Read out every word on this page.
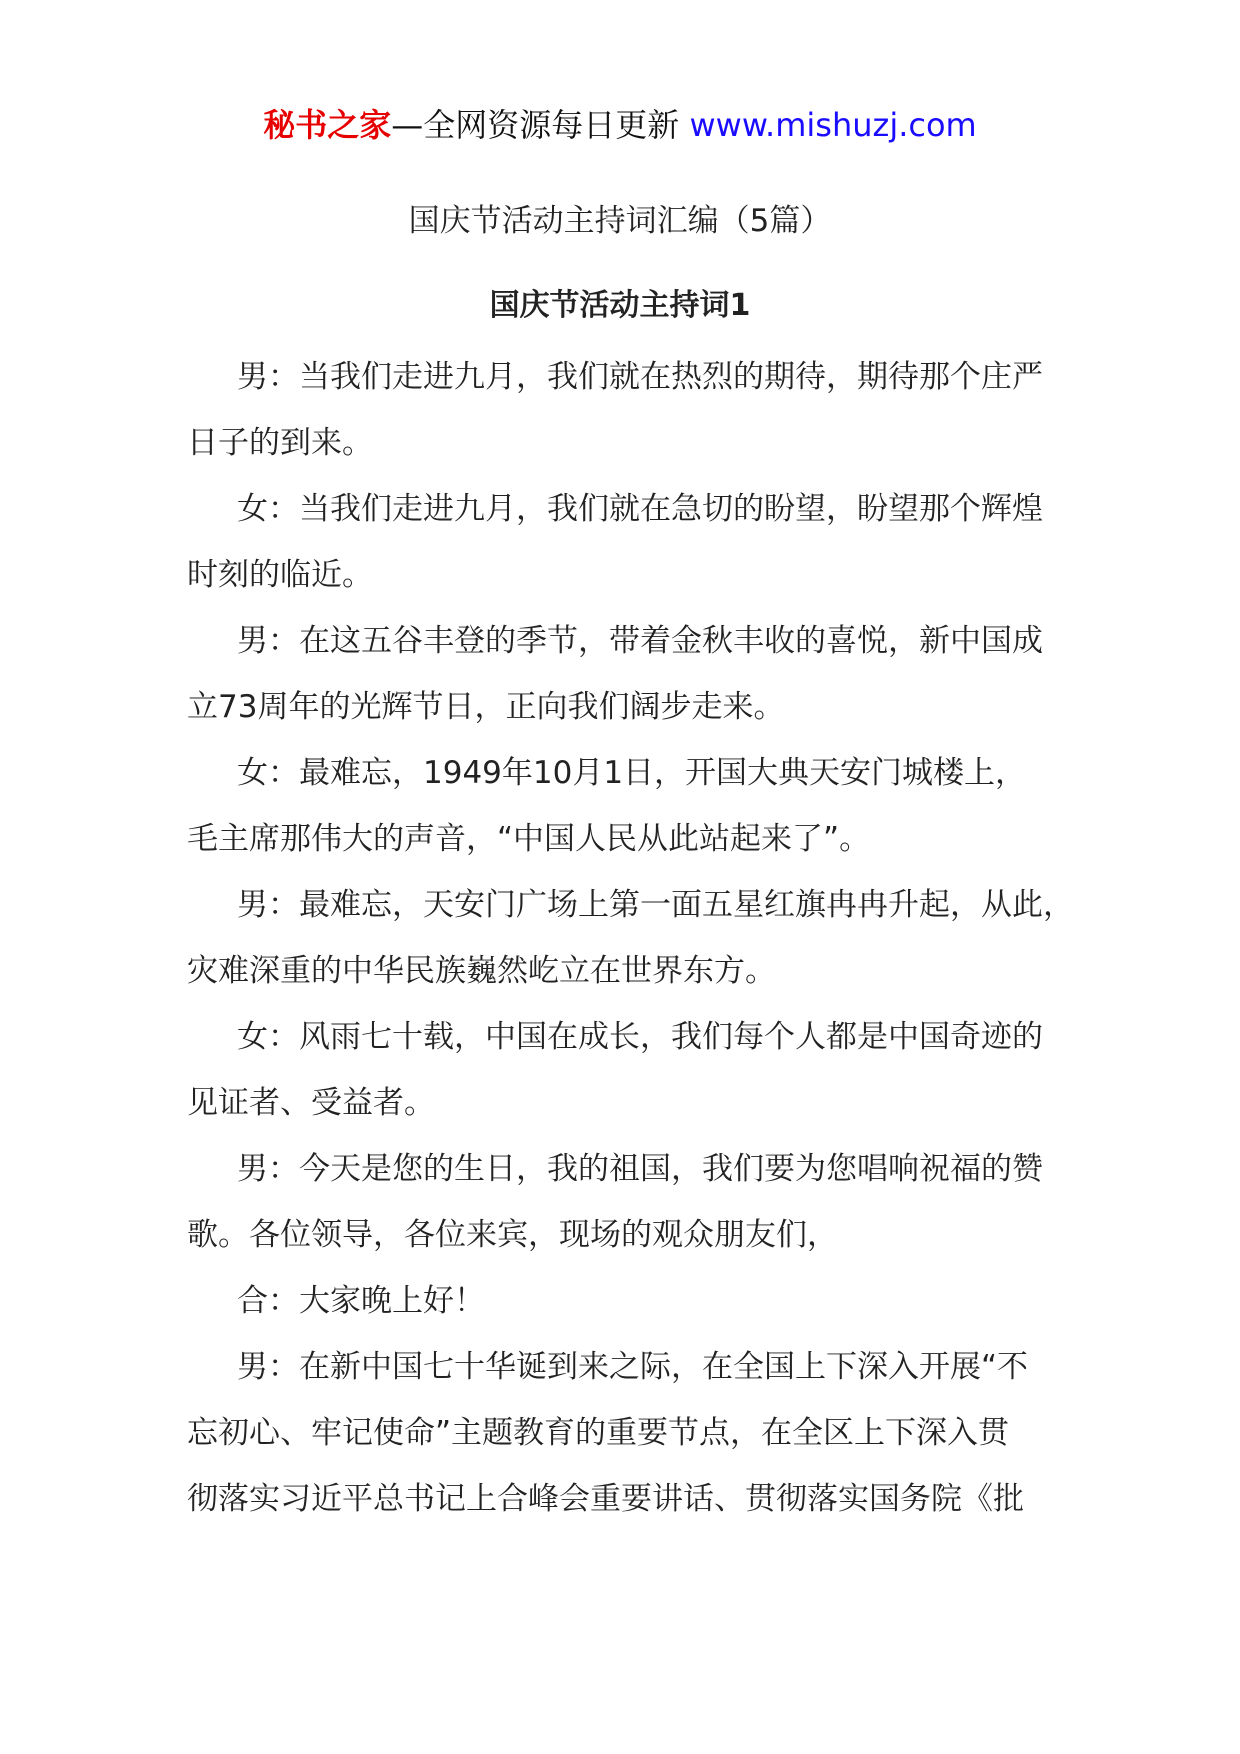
秘书之家—全网资源每日更新 www.mishuzj.com
国庆节活动主持词汇编（5篇）
国庆节活动主持词1
男：当我们走进九月，我们就在热烈的期待，期待那个庄严
日子的到来。
女：当我们走进九月，我们就在急切的盼望，盼望那个辉煌
时刻的临近。
男：在这五谷丰登的季节，带着金秋丰收的喜悦，新中国成
立73周年的光辉节日，正向我们阔步走来。
女：最难忘，1949年10月1日，开国大典天安门城楼上，
毛主席那伟大的声音，“中国人民从此站起来了”。
男：最难忘，天安门广场上第一面五星红旗冉冉升起，从此，
灾难深重的中华民族巍然屹立在世界东方。
女：风雨七十载，中国在成长，我们每个人都是中国奇迹的
见证者、受益者。
男：今天是您的生日，我的祖国，我们要为您唱响祝福的赞
歌。各位领导，各位来宾，现场的观众朋友们，
合：大家晚上好！
男：在新中国七十华诞到来之际，在全国上下深入开展“不
忘初心、牢记使命”主题教育的重要节点，在全区上下深入贯
彻落实习近平总书记上合峰会重要讲话、贯彻落实国务院《批
